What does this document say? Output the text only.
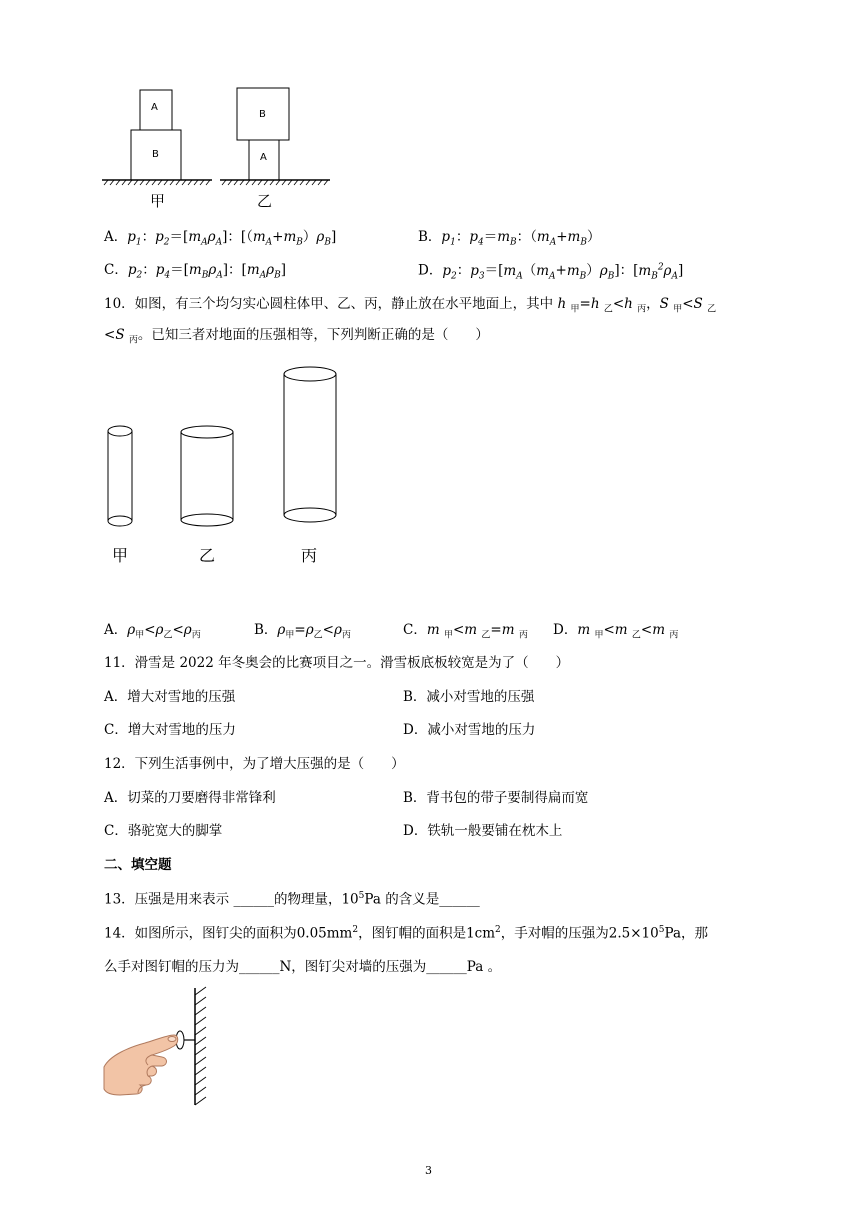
A
B
B
A
甲	乙
A．$p_1$：$p_2=[m_A\rho_A]$：$[(m_A+m_B)\rho_B]$	B．$p_1$：$p_4=m_B$：$(m_A+m_B)$
C．$p_2$：$p_4=[m_B\rho_A]$：$[m_A\rho_B]$	D．$p_2$：$p_3=[m_A(m_A+m_B)\rho_B]$：$[m_B^2\rho_A]$
10．如图，有三个均匀实心圆柱体甲、乙、丙，静止放在水平地面上，其中 h $_甲$=h $_乙$<h $_丙$，S $_甲$<S $_乙$
<S $_丙$。已知三者对地面的压强相等，下列判断正确的是（　　）
甲	乙	丙
A．$\rho_甲<\rho_乙<\rho_丙$	B．$\rho_甲=\rho_乙<\rho_丙$	C．m $_甲$<m $_乙$=m $_丙$ D．m $_甲$<m $_乙$<m $_丙$
11．滑雪是 2022 年冬奥会的比赛项目之一。滑雪板底板较宽是为了（　　）
A．增大对雪地的压强	B．减小对雪地的压强
C．增大对雪地的压力	D．减小对雪地的压力
12．下列生活事例中，为了增大压强的是（　　）
A．切菜的刀要磨得非常锋利	B．背书包的带子要制得扁而宽
C．骆驼宽大的脚掌	D．铁轨一般要铺在枕木上
二、填空题
13．压强是用来表示 ______的物理量，$10^5Pa$ 的含义是______
14．如图所示，图钉尖的面积为$0.05mm^2$，图钉帽的面积是$1cm^2$，手对帽的压强为$2.5\times 10^5Pa$，那
么手对图钉帽的压力为______N，图钉尖对墙的压强为______Pa 。
3
